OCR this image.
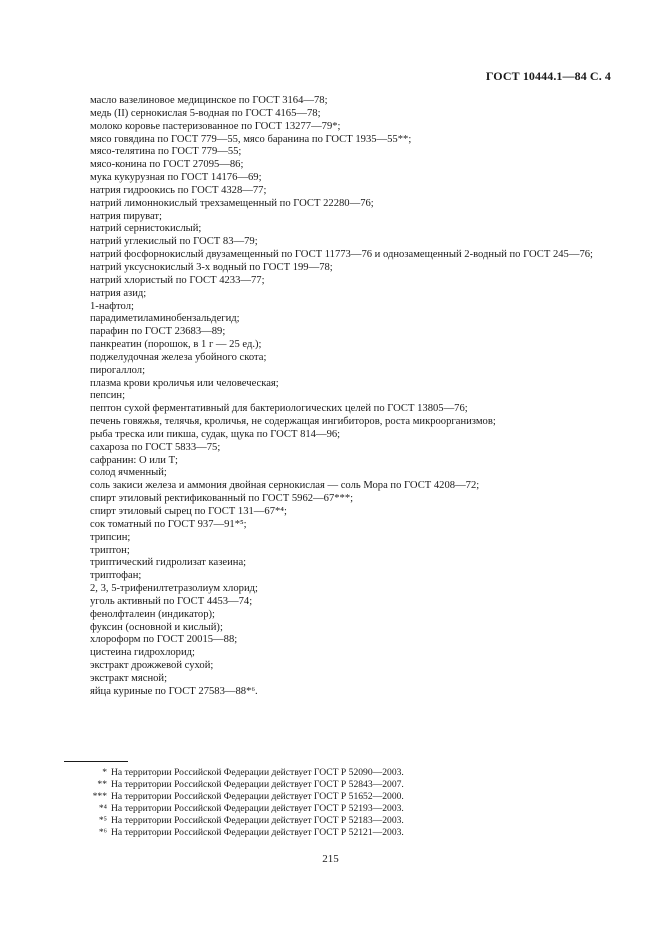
ГОСТ 10444.1—84 С. 4
масло вазелиновое медицинское по ГОСТ 3164—78;
медь (II) сернокислая 5-водная по ГОСТ 4165—78;
молоко коровье пастеризованное по ГОСТ 13277—79*;
мясо говядина по ГОСТ 779—55, мясо баранина по ГОСТ 1935—55**;
мясо-телятина по ГОСТ 779—55;
мясо-конина по ГОСТ 27095—86;
мука кукурузная по ГОСТ 14176—69;
натрия гидроокись по ГОСТ 4328—77;
натрий лимоннокислый трехзамещенный по ГОСТ 22280—76;
натрия пируват;
натрий сернистокислый;
натрий углекислый по ГОСТ 83—79;
натрий фосфорнокислый двузамещенный по ГОСТ 11773—76 и однозамещенный 2-водный по ГОСТ 245—76;
натрий уксуснокислый 3-х водный по ГОСТ 199—78;
натрий хлористый по ГОСТ 4233—77;
натрия азид;
1-нафтол;
парадиметиламинобензальдегид;
парафин по ГОСТ 23683—89;
панкреатин (порошок, в 1 г — 25 ед.);
поджелудочная железа убойного скота;
пирогаллол;
плазма крови кроличья или человеческая;
пепсин;
пептон сухой ферментативный для бактериологических целей по ГОСТ 13805—76;
печень говяжья, телячья, кроличья, не содержащая ингибиторов, роста микроорганизмов;
рыба треска или пикша, судак, щука по ГОСТ 814—96;
сахароза по ГОСТ 5833—75;
сафранин: О или Т;
солод ячменный;
соль закиси железа и аммония двойная сернокислая — соль Мора по ГОСТ 4208—72;
спирт этиловый ректификованный по ГОСТ 5962—67***;
спирт этиловый сырец по ГОСТ 131—67*⁴;
сок томатный по ГОСТ 937—91*⁵;
трипсин;
триптон;
триптический гидролизат казеина;
триптофан;
2, 3, 5-трифенилтетразолиум хлорид;
уголь активный по ГОСТ 4453—74;
фенолфталеин (индикатор);
фуксин (основной и кислый);
хлороформ по ГОСТ 20015—88;
цистеина гидрохлорид;
экстракт дрожжевой сухой;
экстракт мясной;
яйца куриные по ГОСТ 27583—88*⁶.
* На территории Российской Федерации действует ГОСТ Р 52090—2003.
** На территории Российской Федерации действует ГОСТ Р 52843—2007.
*** На территории Российской Федерации действует ГОСТ Р 51652—2000.
*⁴ На территории Российской Федерации действует ГОСТ Р 52193—2003.
*⁵ На территории Российской Федерации действует ГОСТ Р 52183—2003.
*⁶ На территории Российской Федерации действует ГОСТ Р 52121—2003.
215
